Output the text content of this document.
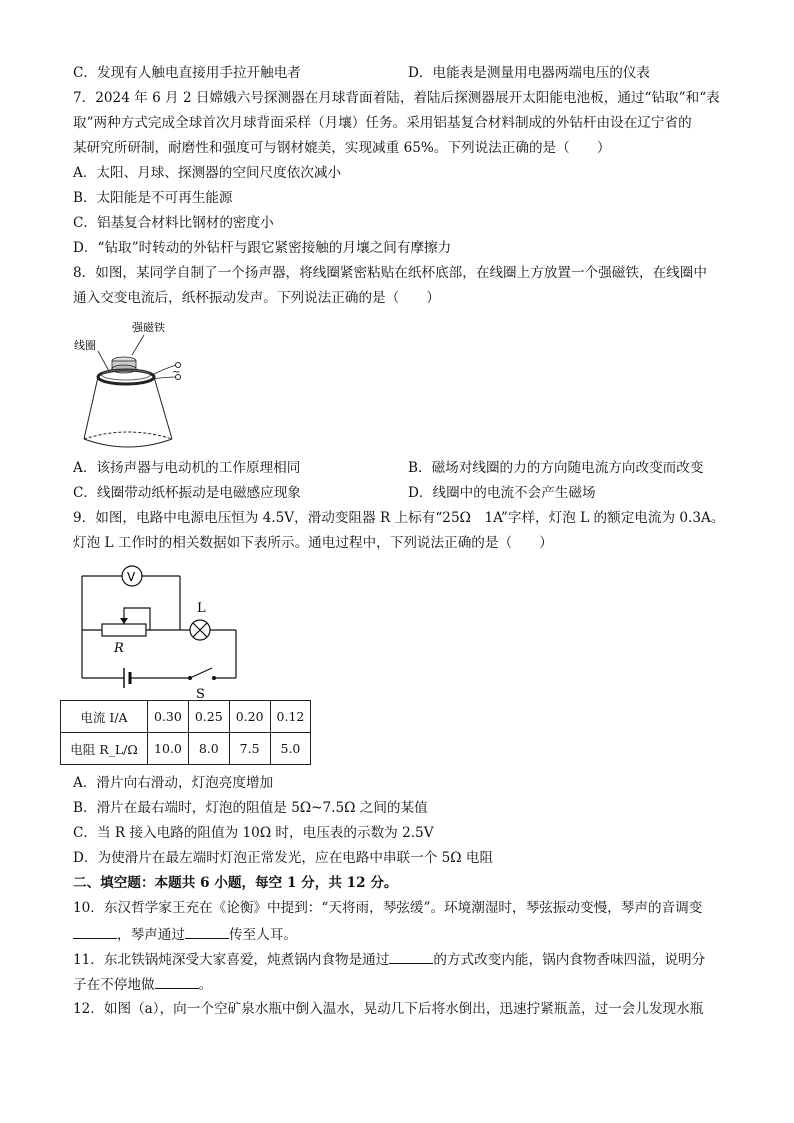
C．发现有人触电直接用手拉开触电者	D．电能表是测量用电器两端电压的仪表
7．2024 年 6 月 2 日嫦娥六号探测器在月球背面着陆，着陆后探测器展开太阳能电池板，通过“钻取”和“表
取”两种方式完成全球首次月球背面采样（月壤）任务。采用铝基复合材料制成的外钻杆由设在辽宁省的
某研究所研制，耐磨性和强度可与钢材媲美，实现减重 65%。下列说法正确的是（　　）
A．太阳、月球、探测器的空间尺度依次减小
B．太阳能是不可再生能源
C．铝基复合材料比钢材的密度小
D．“钻取”时转动的外钻杆与跟它紧密接触的月壤之间有摩擦力
8．如图，某同学自制了一个扬声器，将线圈紧密粘贴在纸杯底部，在线圈上方放置一个强磁铁，在线圈中
通入交变电流后，纸杯振动发声。下列说法正确的是（　　）
强磁铁
线圈
~
A．该扬声器与电动机的工作原理相同	B．磁场对线圈的力的方向随电流方向改变而改变
C．线圈带动纸杯振动是电磁感应现象	D．线圈中的电流不会产生磁场
9．如图，电路中电源电压恒为 4.5V，滑动变阻器 R 上标有“25Ω　1A”字样，灯泡 L 的额定电流为 0.3A。
灯泡 L 工作时的相关数据如下表所示。通电过程中，下列说法正确的是（　　）
V
R
L
S
电流 I/A	0.30	0.25	0.20	0.12
电阻 R_L/Ω	10.0	8.0	7.5	5.0
A．滑片向右滑动，灯泡亮度增加
B．滑片在最右端时，灯泡的阻值是 5Ω~7.5Ω 之间的某值
C．当 R 接入电路的阻值为 10Ω 时，电压表的示数为 2.5V
D．为使滑片在最左端时灯泡正常发光，应在电路中串联一个 5Ω 电阻
二、填空题：本题共 6 小题，每空 1 分，共 12 分。
10．东汉哲学家王充在《论衡》中提到：“天将雨，琴弦缓”。环境潮湿时，琴弦振动变慢，琴声的音调变
，琴声通过	传至人耳。
11．东北铁锅炖深受大家喜爱，炖煮锅内食物是通过	的方式改变内能，锅内食物香味四溢，说明分
子在不停地做	。
12．如图（a），向一个空矿泉水瓶中倒入温水，晃动几下后将水倒出，迅速拧紧瓶盖，过一会儿发现水瓶
